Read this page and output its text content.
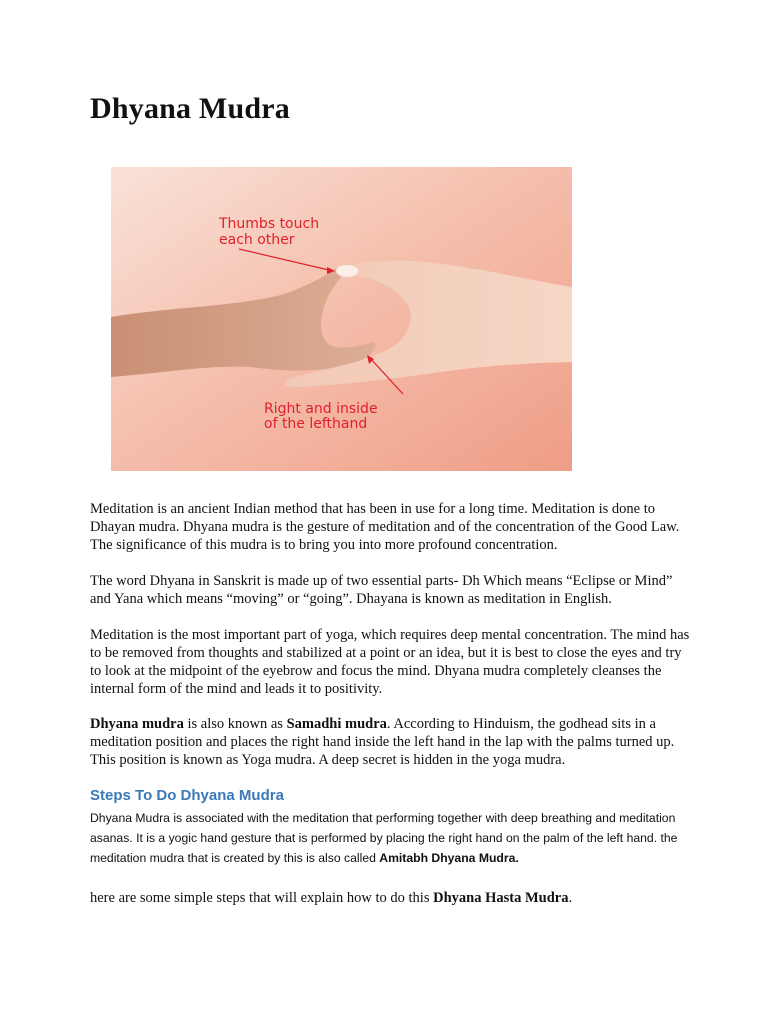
Dhyana Mudra
Thumbs touch
each other
Right and inside
of the lefthand

Meditation is an ancient Indian method that has been in use for a long time. Meditation is done to Dhayan mudra. Dhyana mudra is the gesture of meditation and of the concentration of the Good Law. The significance of this mudra is to bring you into more profound concentration.

The word Dhyana in Sanskrit is made up of two essential parts- Dh Which means “Eclipse or Mind” and Yana which means “moving” or “going”. Dhayana is known as meditation in English.

Meditation is the most important part of yoga, which requires deep mental concentration. The mind has to be removed from thoughts and stabilized at a point or an idea, but it is best to close the eyes and try to look at the midpoint of the eyebrow and focus the mind. Dhyana mudra completely cleanses the internal form of the mind and leads it to positivity.

Dhyana mudra is also known as Samadhi mudra. According to Hinduism, the godhead sits in a meditation position and places the right hand inside the left hand in the lap with the palms turned up. This position is known as Yoga mudra. A deep secret is hidden in the yoga mudra.

Steps To Do Dhyana Mudra

Dhyana Mudra is associated with the meditation that performing together with deep breathing and meditation asanas. It is a yogic hand gesture that is performed by placing the right hand on the palm of the left hand. the meditation mudra that is created by this is also called Amitabh Dhyana Mudra.

here are some simple steps that will explain how to do this Dhyana Hasta Mudra.
